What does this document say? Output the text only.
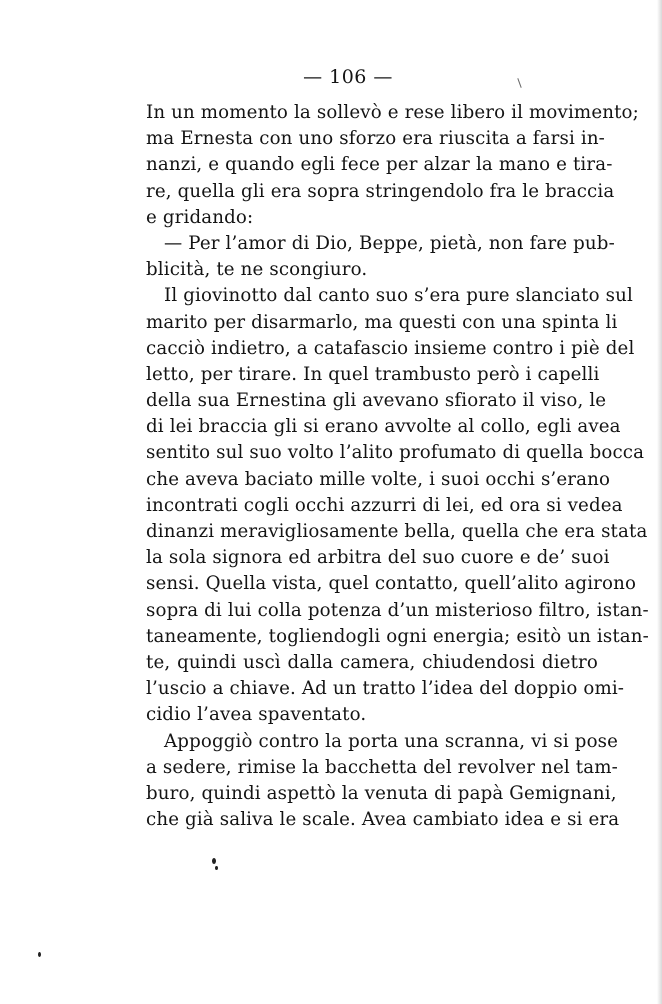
— 106 —
In un momento la sollevò e rese libero il movimento;
ma Ernesta con uno sforzo era riuscita a farsi in-
nanzi, e quando egli fece per alzar la mano e tira-
re, quella gli era sopra stringendolo fra le braccia
e gridando:
— Per l’amor di Dio, Beppe, pietà, non fare pub-
blicità, te ne scongiuro.
Il giovinotto dal canto suo s’era pure slanciato sul
marito per disarmarlo, ma questi con una spinta li
cacciò indietro, a catafascio insieme contro i piè del
letto, per tirare. In quel trambusto però i capelli
della sua Ernestina gli avevano sfiorato il viso, le
di lei braccia gli si erano avvolte al collo, egli avea
sentito sul suo volto l’alito profumato di quella bocca
che aveva baciato mille volte, i suoi occhi s’erano
incontrati cogli occhi azzurri di lei, ed ora si vedea
dinanzi meravigliosamente bella, quella che era stata
la sola signora ed arbitra del suo cuore e de’ suoi
sensi. Quella vista, quel contatto, quell’alito agirono
sopra di lui colla potenza d’un misterioso filtro, istan-
taneamente, togliendogli ogni energia; esitò un istan-
te, quindi uscì dalla camera, chiudendosi dietro
l’uscio a chiave. Ad un tratto l’idea del doppio omi-
cidio l’avea spaventato.
Appoggiò contro la porta una scranna, vi si pose
a sedere, rimise la bacchetta del revolver nel tam-
buro, quindi aspettò la venuta di papà Gemignani,
che già saliva le scale. Avea cambiato idea e si era
